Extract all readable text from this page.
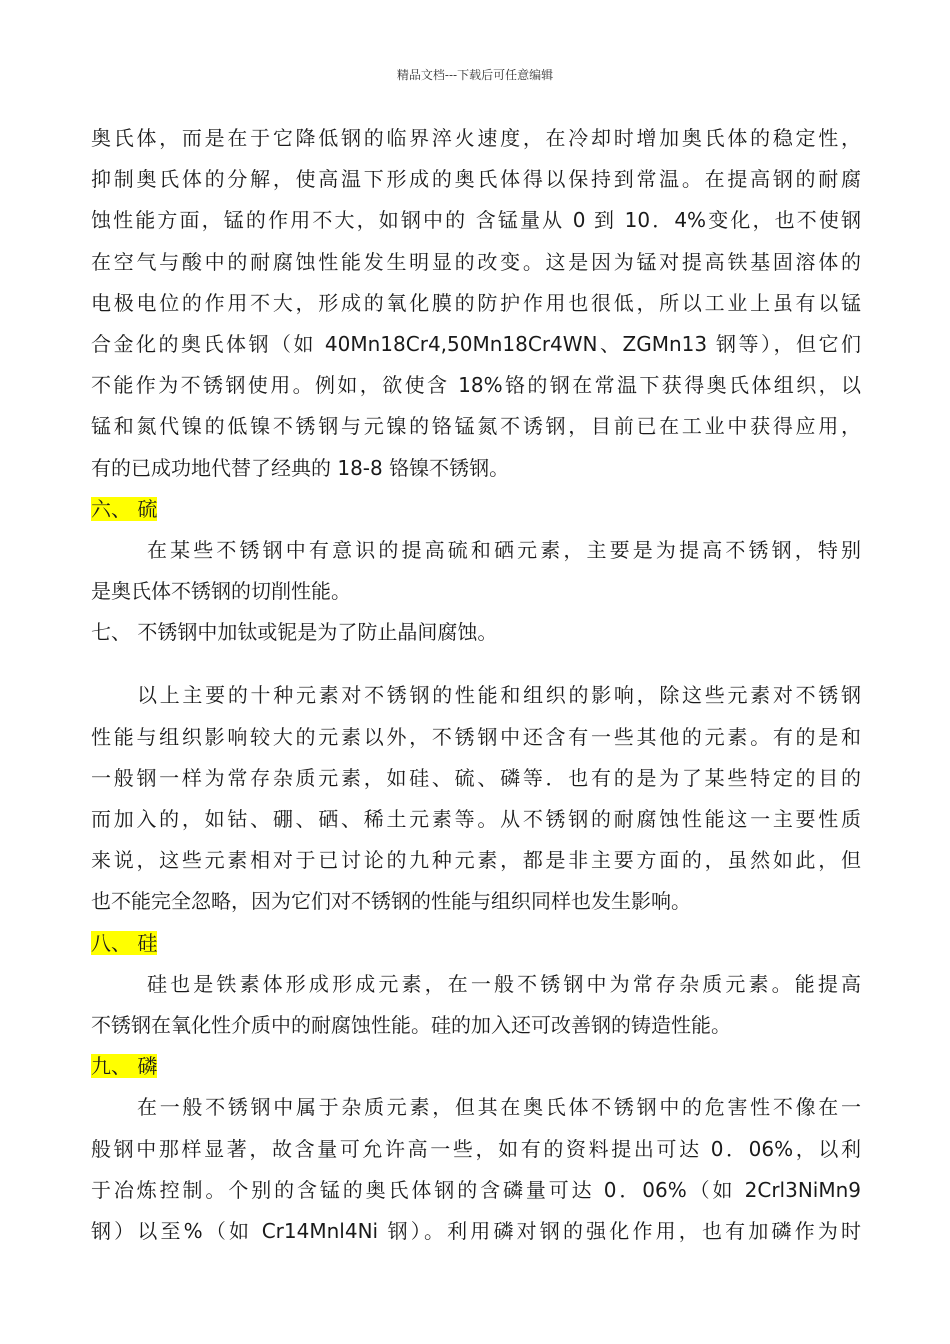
精品文档---下载后可任意编辑
奥氏体，而是在于它降低钢的临界淬火速度，在冷却时增加奥氏体的稳定性，
抑制奥氏体的分解，使高温下形成的奥氏体得以保持到常温。在提高钢的耐腐
蚀性能方面，锰的作用不大，如钢中的 含锰量从 0 到 10．4%变化，也不使钢
在空气与酸中的耐腐蚀性能发生明显的改变。这是因为锰对提高铁基固溶体的
电极电位的作用不大，形成的氧化膜的防护作用也很低，所以工业上虽有以锰
合金化的奥氏体钢（如 40Mn18Cr4,50Mn18Cr4WN、ZGMn13 钢等），但它们
不能作为不锈钢使用。例如，欲使含 18%铬的钢在常温下获得奥氏体组织，以
锰和氮代镍的低镍不锈钢与元镍的铬锰氮不诱钢，目前已在工业中获得应用，
有的已成功地代替了经典的 18-8 铬镍不锈钢。
六、 硫
在某些不锈钢中有意识的提高硫和硒元素，主要是为提高不锈钢，特别
是奥氏体不锈钢的切削性能。
七、 不锈钢中加钛或铌是为了防止晶间腐蚀。
以上主要的十种元素对不锈钢的性能和组织的影响，除这些元素对不锈钢
性能与组织影响较大的元素以外，不锈钢中还含有一些其他的元素。有的是和
一般钢一样为常存杂质元素，如硅、硫、磷等．也有的是为了某些特定的目的
而加入的，如钴、硼、硒、稀土元素等。从不锈钢的耐腐蚀性能这一主要性质
来说，这些元素相对于已讨论的九种元素，都是非主要方面的，虽然如此，但
也不能完全忽略，因为它们对不锈钢的性能与组织同样也发生影响。
八、 硅
硅也是铁素体形成形成元素，在一般不锈钢中为常存杂质元素。能提高
不锈钢在氧化性介质中的耐腐蚀性能。硅的加入还可改善钢的铸造性能。
九、 磷
在一般不锈钢中属于杂质元素，但其在奥氏体不锈钢中的危害性不像在一
般钢中那样显著，故含量可允许高一些，如有的资料提出可达 0．06%，以利
于冶炼控制。个别的含锰的奥氏体钢的含磷量可达 0．06%（如 2Crl3NiMn9
钢）以至%（如 Cr14Mnl4Ni 钢）。利用磷对钢的强化作用，也有加磷作为时
